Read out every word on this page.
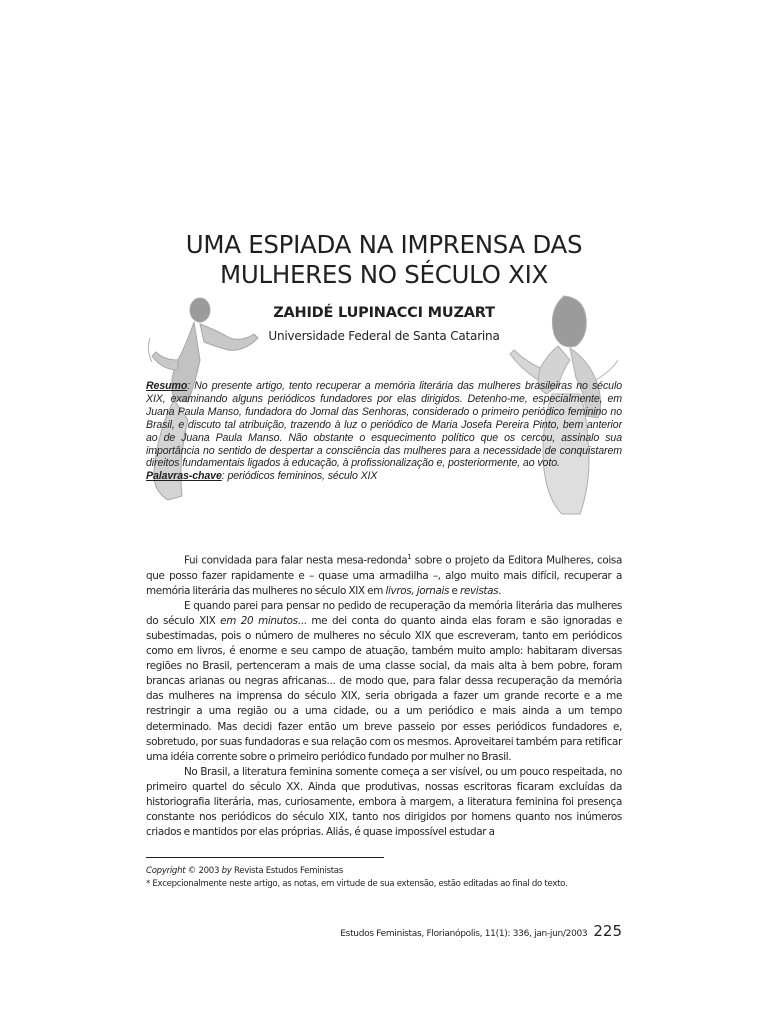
UMA ESPIADA NA IMPRENSA DAS
MULHERES NO SÉCULO XIX
ZAHIDÉ LUPINACCI MUZART
Universidade Federal de Santa Catarina
Resumo: No presente artigo, tento recuperar a memória literária das mulheres brasileiras no século XIX, examinando alguns periódicos fundadores por elas dirigidos. Detenho-me, especialmente, em Juana Paula Manso, fundadora do Jornal das Senhoras, considerado o primeiro periódico feminino no Brasil, e discuto tal atribuição, trazendo à luz o periódico de Maria Josefa Pereira Pinto, bem anterior ao de Juana Paula Manso. Não obstante o esquecimento político que os cercou, assinalo sua importância no sentido de despertar a consciência das mulheres para a necessidade de conquistarem direitos fundamentais ligados à educação, à profissionalização e, posteriormente, ao voto.
Palavras-chave: periódicos femininos, século XIX

Fui convidada para falar nesta mesa-redonda$^1$ sobre o projeto da Editora Mulheres, coisa que posso fazer rapidamente e – quase uma armadilha –, algo muito mais difícil, recuperar a memória literária das mulheres no século XIX em livros, jornais e revistas.

E quando parei para pensar no pedido de recuperação da memória literária das mulheres do século XIX em 20 minutos... me dei conta do quanto ainda elas foram e são ignoradas e subestimadas, pois o número de mulheres no século XIX que escreveram, tanto em periódicos como em livros, é enorme e seu campo de atuação, também muito amplo: habitaram diversas regiões no Brasil, pertenceram a mais de uma classe social, da mais alta à bem pobre, foram brancas arianas ou negras africanas... de modo que, para falar dessa recuperação da memória das mulheres na imprensa do século XIX, seria obrigada a fazer um grande recorte e a me restringir a uma região ou a uma cidade, ou a um periódico e mais ainda a um tempo determinado. Mas decidi fazer então um breve passeio por esses periódicos fundadores e, sobretudo, por suas fundadoras e sua relação com os mesmos. Aproveitarei também para retificar uma idéia corrente sobre o primeiro periódico fundado por mulher no Brasil.

No Brasil, a literatura feminina somente começa a ser visível, ou um pouco respeitada, no primeiro quartel do século XX. Ainda que produtivas, nossas escritoras ficaram excluídas da historiografia literária, mas, curiosamente, embora à margem, a literatura feminina foi presença constante nos periódicos do século XIX, tanto nos dirigidos por homens quanto nos inúmeros criados e mantidos por elas próprias. Aliás, é quase impossível estudar a

Copyright © 2003 by Revista Estudos Feministas
* Excepcionalmente neste artigo, as notas, em virtude de sua extensão, estão editadas ao final do texto.
Estudos Feministas, Florianópolis, 11(1): 336, jan-jun/2003 225
